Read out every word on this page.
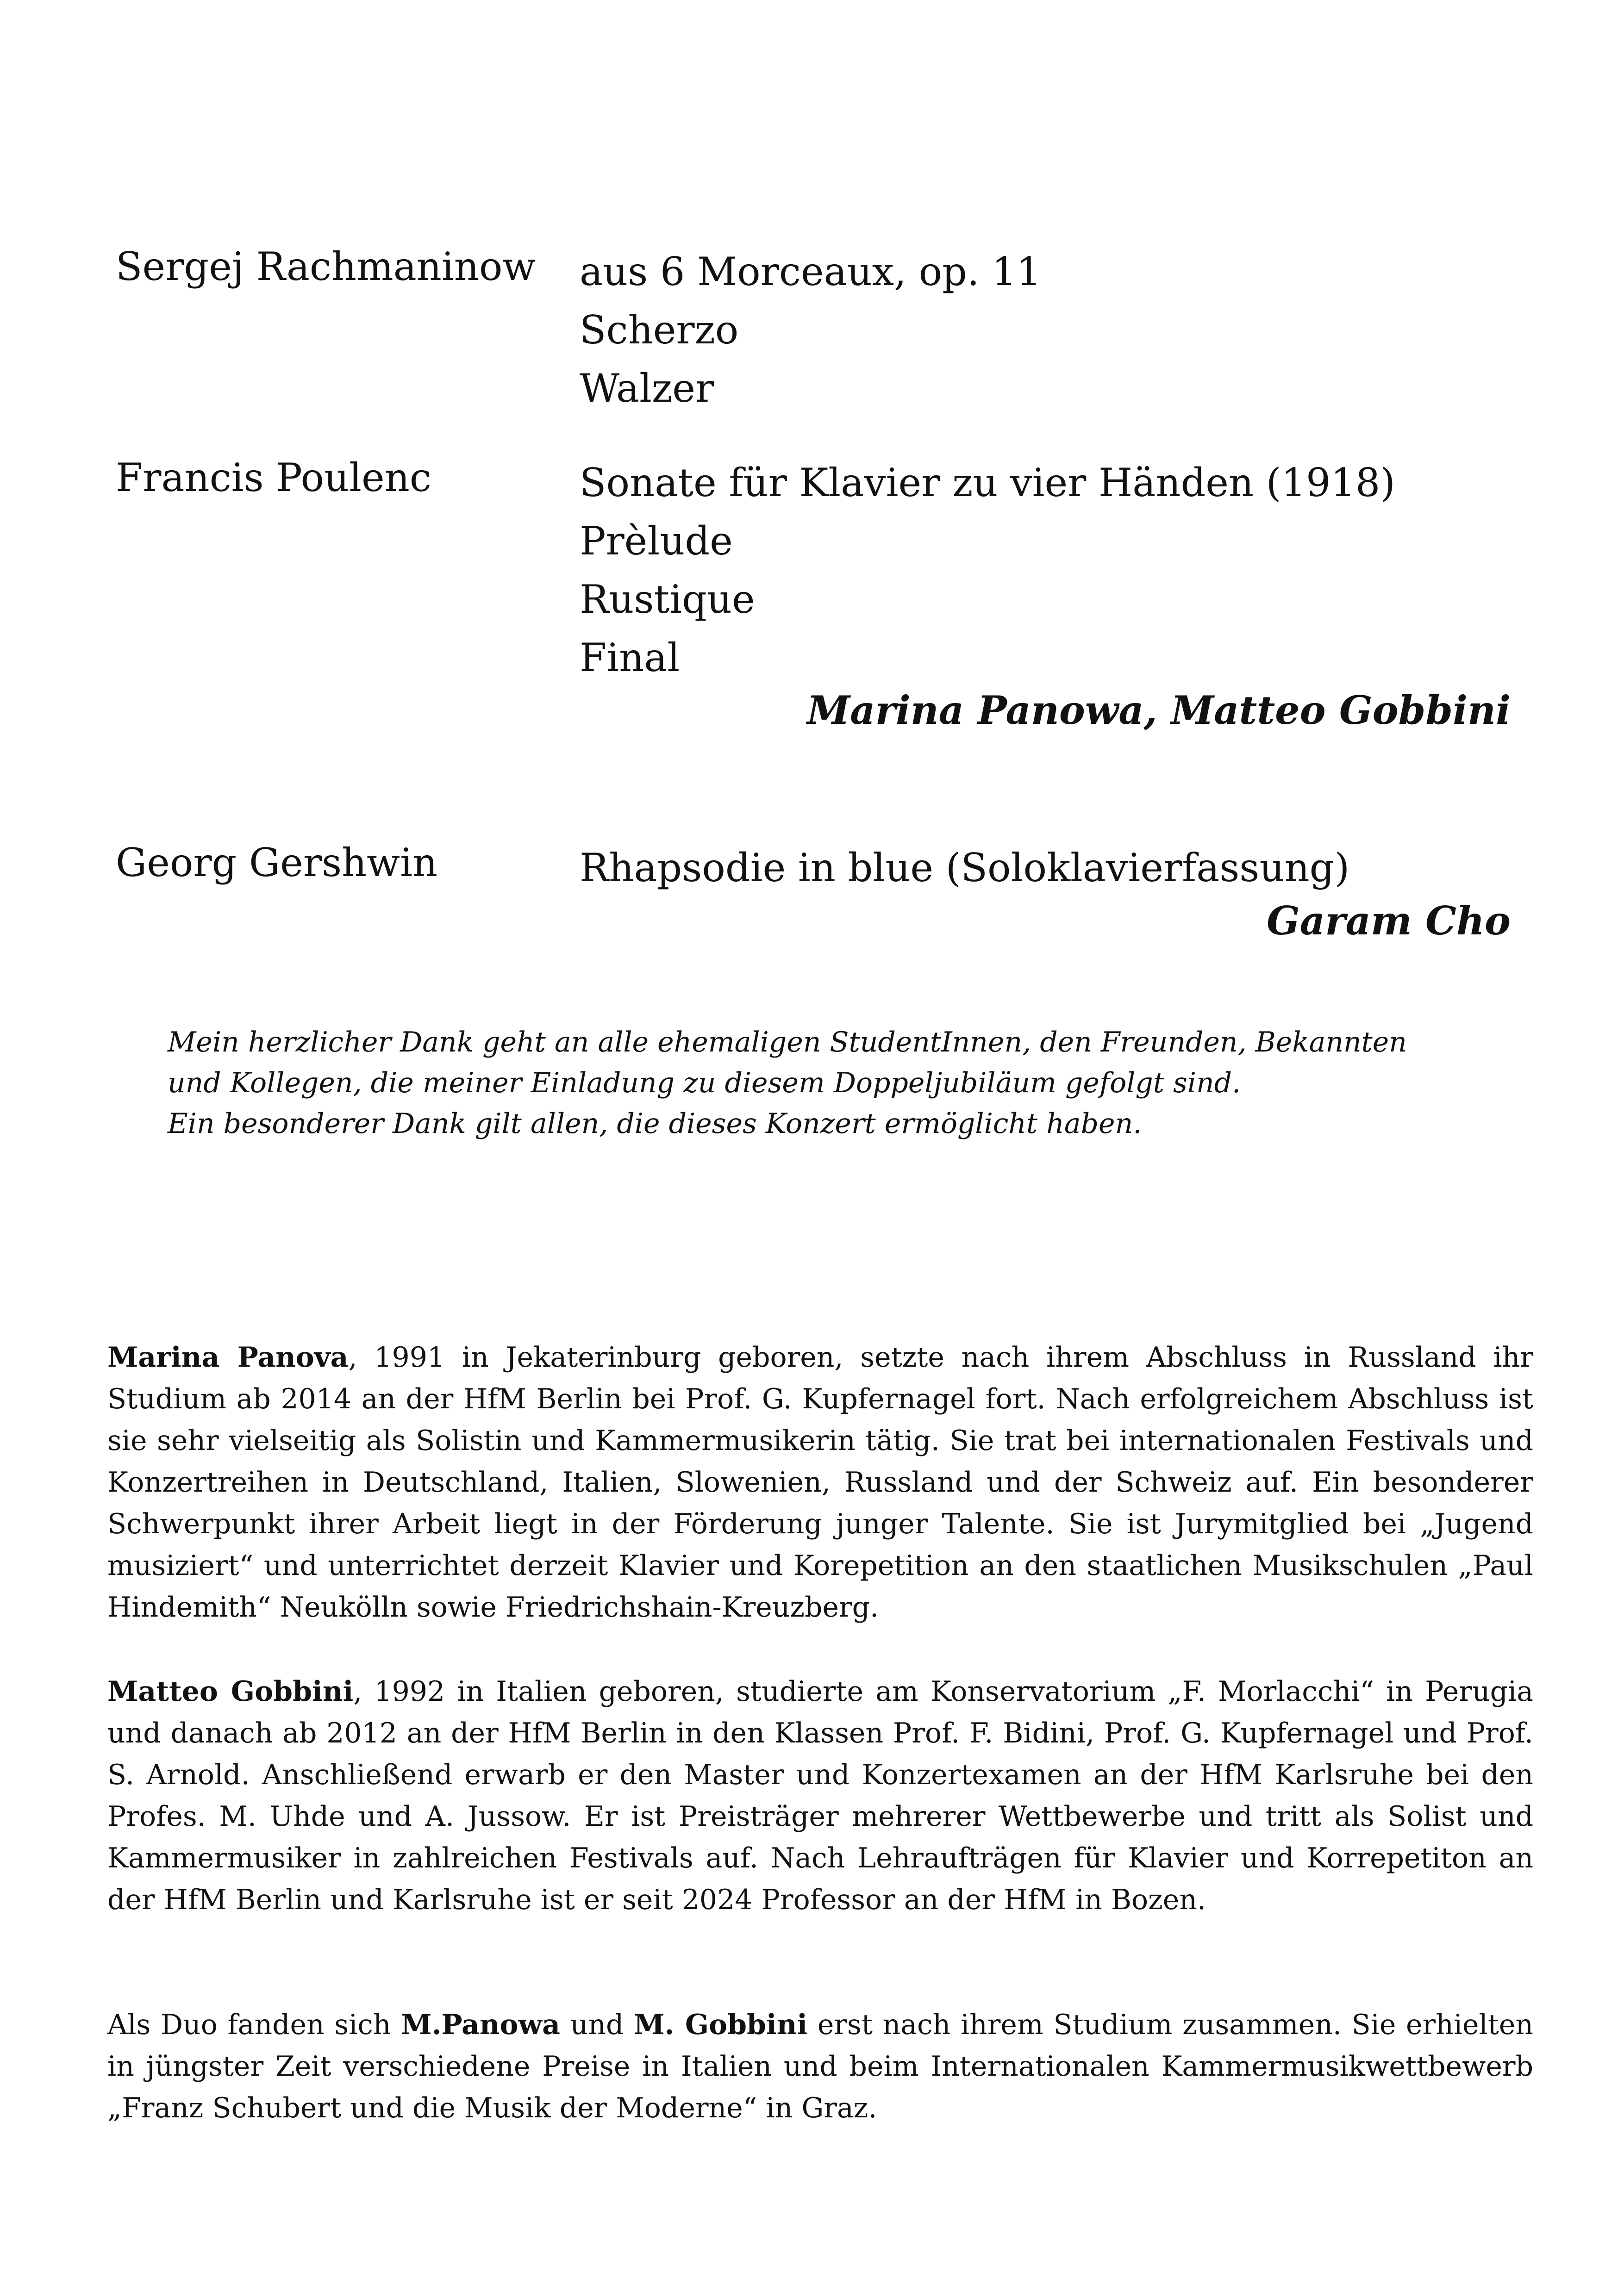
Sergej Rachmaninow aus 6 Morceaux, op. 11
Scherzo
Walzer
Francis Poulenc	Sonate für Klavier zu vier Händen (1918)
Prèlude
Rustique
Final
Marina Panowa, Matteo Gobbini
Georg Gershwin	Rhapsodie in blue (Soloklavierfassung)
Garam Cho
Mein herzlicher Dank geht an alle ehemaligen StudentInnen, den Freunden, Bekannten
und Kollegen, die meiner Einladung zu diesem Doppeljubiläum gefolgt sind.
Ein besonderer Dank gilt allen, die dieses Konzert ermöglicht haben.

Marina Panova, 1991 in Jekaterinburg geboren, setzte nach ihrem Abschluss in Russland ihr Studium ab 2014 an der HfM Berlin bei Prof. G. Kupfernagel fort. Nach erfolgreichem Abschluss ist sie sehr vielseitig als Solistin und Kammermusikerin tätig. Sie trat bei internationalen Festivals und Konzertreihen in Deutschland, Italien, Slowenien, Russland und der Schweiz auf. Ein besonderer Schwerpunkt ihrer Arbeit liegt in der Förderung junger Talente. Sie ist Jurymitglied bei „Jugend musiziert“ und unterrichtet derzeit Klavier und Korepetition an den staatlichen Musikschulen „Paul Hindemith“ Neukölln sowie Friedrichshain-Kreuzberg.

Matteo Gobbini, 1992 in Italien geboren, studierte am Konservatorium „F. Morlacchi“ in Perugia und danach ab 2012 an der HfM Berlin in den Klassen Prof. F. Bidini, Prof. G. Kupfernagel und Prof. S. Arnold. Anschließend erwarb er den Master und Konzertexamen an der HfM Karlsruhe bei den Profes. M. Uhde und A. Jussow. Er ist Preisträger mehrerer Wettbewerbe und tritt als Solist und Kammermusiker in zahlreichen Festivals auf. Nach Lehraufträgen für Klavier und Korrepetiton an der HfM Berlin und Karlsruhe ist er seit 2024 Professor an der HfM in Bozen.

Als Duo fanden sich M.Panowa und M. Gobbini erst nach ihrem Studium zusammen. Sie erhielten in jüngster Zeit verschiedene Preise in Italien und beim Internationalen Kammermusikwettbewerb „Franz Schubert und die Musik der Moderne“ in Graz.
